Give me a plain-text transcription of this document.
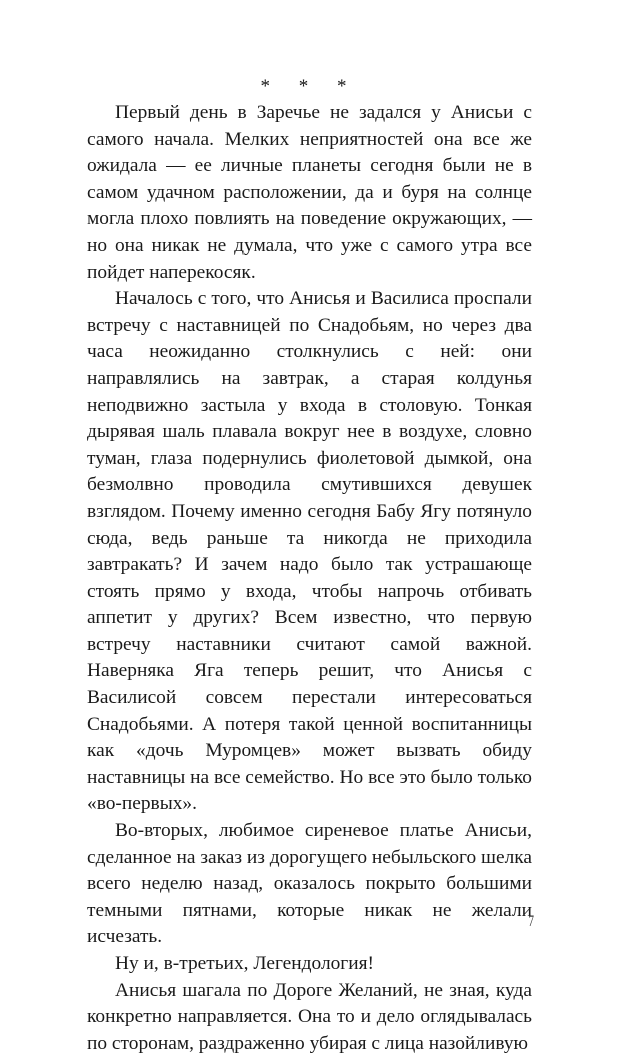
* * *

Первый день в Заречье не задался у Анисьи с самого начала. Мелких неприятностей она все же ожидала — ее личные планеты сегодня были не в самом удачном расположении, да и буря на солнце могла плохо повлиять на поведение окружающих, — но она никак не думала, что уже с самого утра все пойдет наперекосяк.

Началось с того, что Анисья и Василиса проспали встречу с наставницей по Снадобьям, но через два часа неожиданно столкнулись с ней: они направлялись на завтрак, а старая колдунья неподвижно застыла у входа в столовую. Тонкая дырявая шаль плавала вокруг нее в воздухе, словно туман, глаза подернулись фиолетовой дымкой, она безмолвно проводила смутившихся девушек взглядом. Почему именно сегодня Бабу Ягу потянуло сюда, ведь раньше та никогда не приходила завтракать? И зачем надо было так устрашающе стоять прямо у входа, чтобы напрочь отбивать аппетит у других? Всем известно, что первую встречу наставники считают самой важной. Наверняка Яга теперь решит, что Анисья с Василисой совсем перестали интересоваться Снадобьями. А потеря такой ценной воспитанницы как «дочь Муромцев» может вызвать обиду наставницы на все семейство. Но все это было только «во-первых».

Во-вторых, любимое сиреневое платье Анисьи, сделанное на заказ из дорогущего небыльского шелка всего неделю назад, оказалось покрыто большими темными пятнами, которые никак не желали исчезать.

Ну и, в-третьих, Легендология!

Анисья шагала по Дороге Желаний, не зная, куда конкретно направляется. Она то и дело оглядывалась по сторонам, раздраженно убирая с лица назойливую

7
